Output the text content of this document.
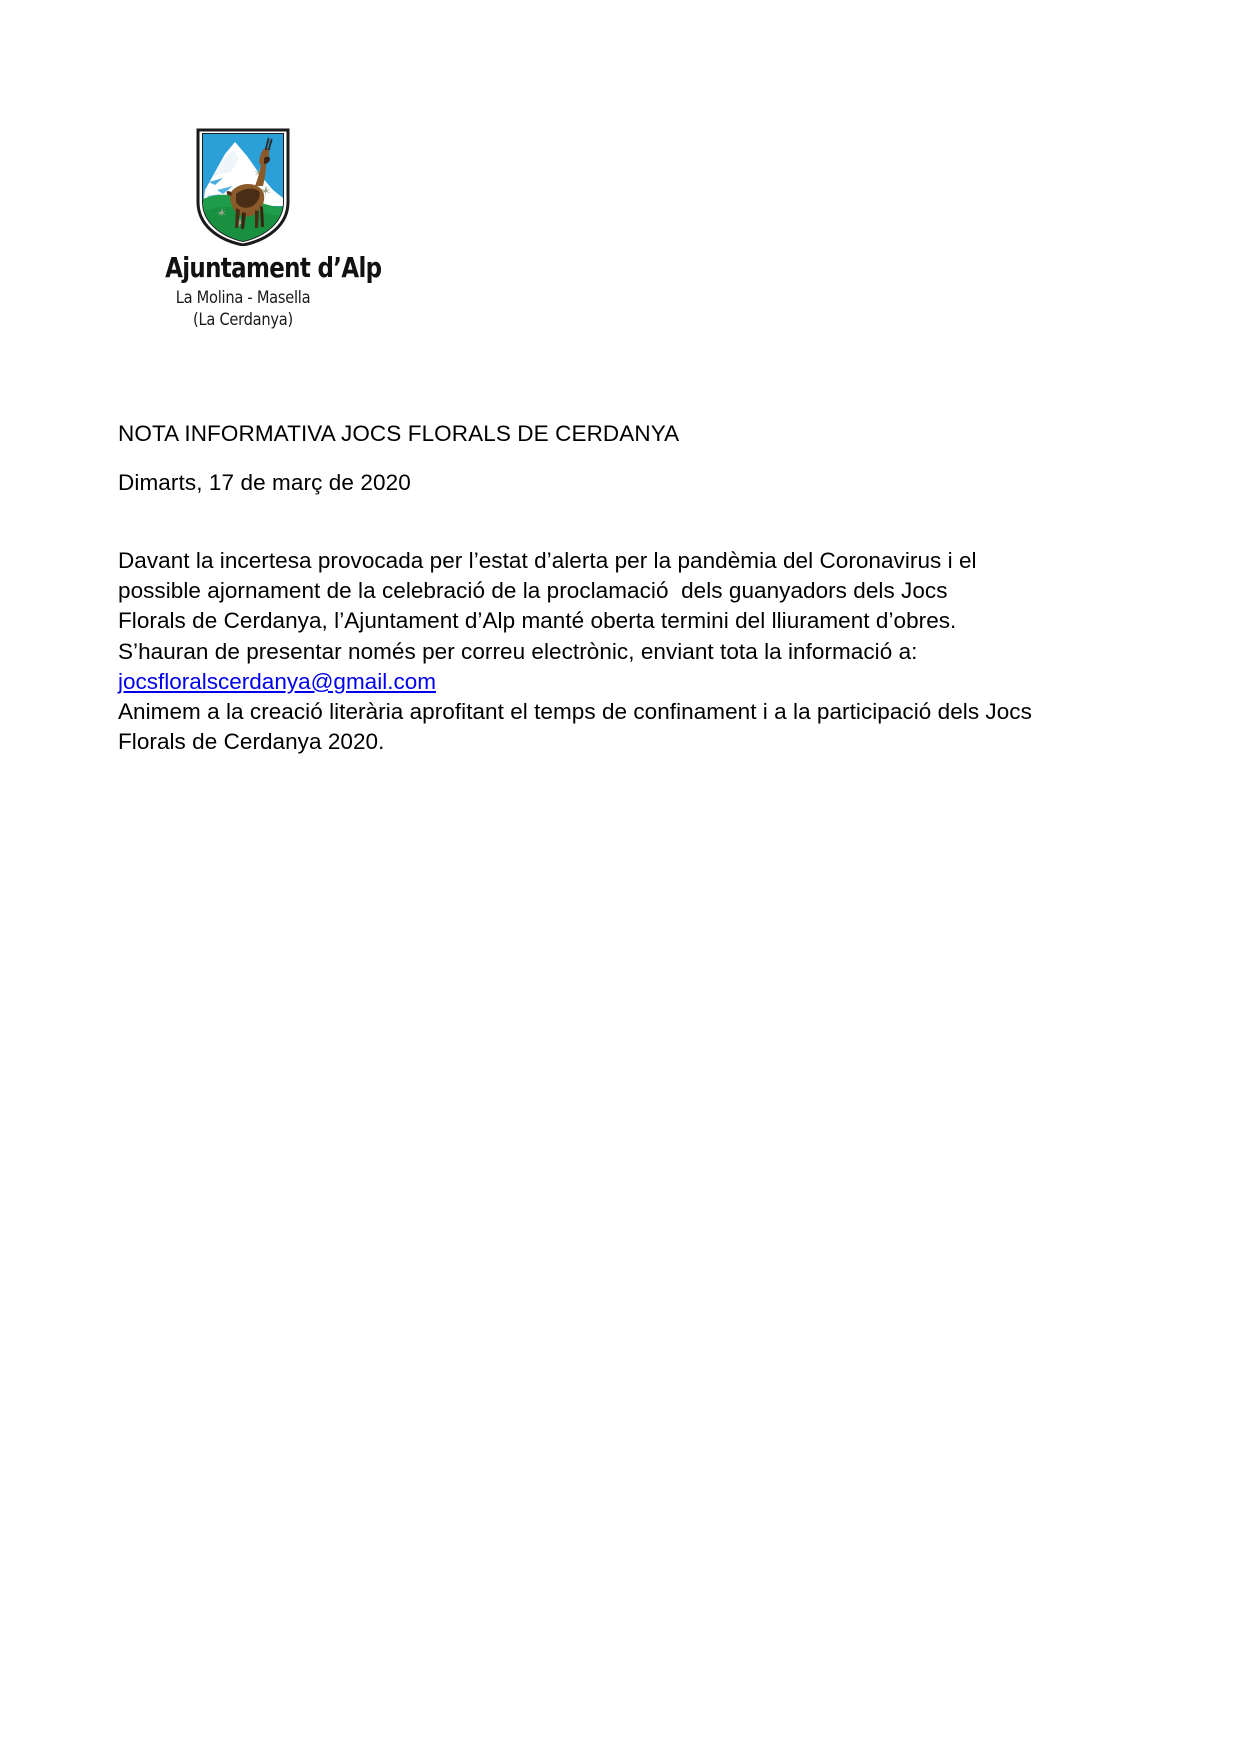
Ajuntament d’Alp
La Molina - Masella
(La Cerdanya)
NOTA INFORMATIVA JOCS FLORALS DE CERDANYA
Dimarts, 17 de març de 2020
Davant la incertesa provocada per l’estat d’alerta per la pandèmia del Coronavirus i el
possible ajornament de la celebració de la proclamació  dels guanyadors dels Jocs
Florals de Cerdanya, l’Ajuntament d’Alp manté oberta termini del lliurament d’obres.
S’hauran de presentar només per correu electrònic, enviant tota la informació a:
jocsfloralscerdanya@gmail.com
Animem a la creació literària aprofitant el temps de confinament i a la participació dels Jocs
Florals de Cerdanya 2020.
